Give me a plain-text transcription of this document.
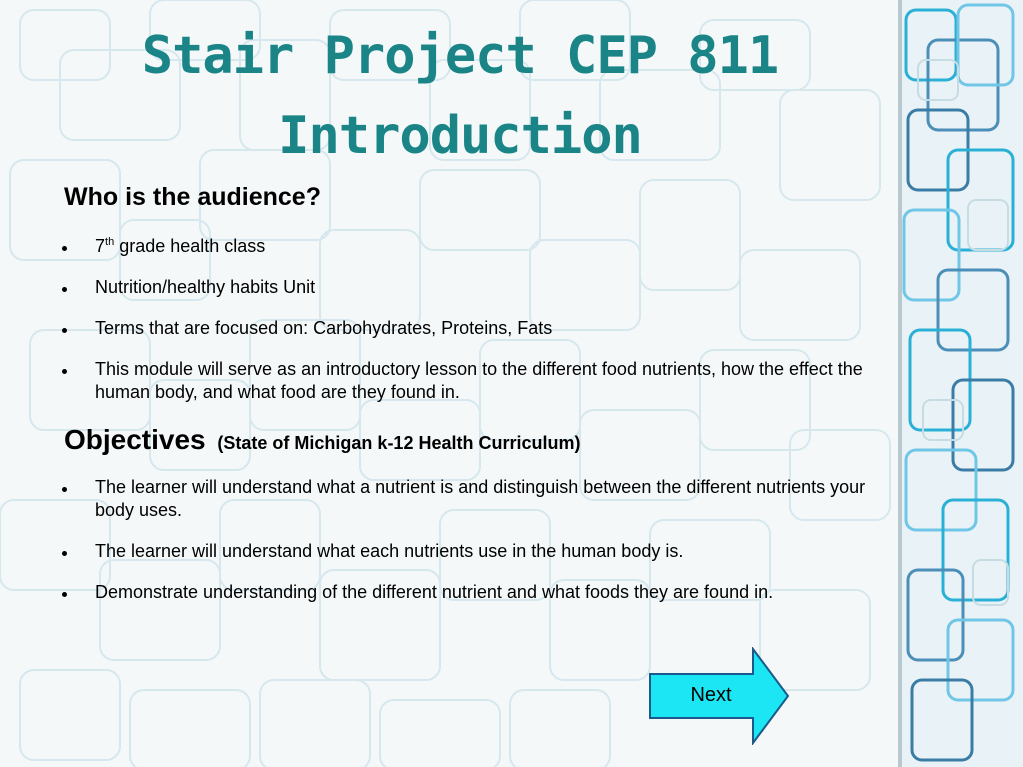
Stair Project CEP 811
Introduction
Who is the audience?
7th grade health class
Nutrition/healthy habits Unit
Terms that are focused on: Carbohydrates, Proteins, Fats
This module will serve as an introductory lesson to the different food nutrients, how the effect the human body, and what food are they found in.
Objectives (State of Michigan k-12 Health Curriculum)
The learner will understand what a nutrient is and distinguish between the different nutrients your body uses.
The learner will understand what each nutrients use in the human body is.
Demonstrate understanding of the different nutrient and what foods they are found in.
Next
